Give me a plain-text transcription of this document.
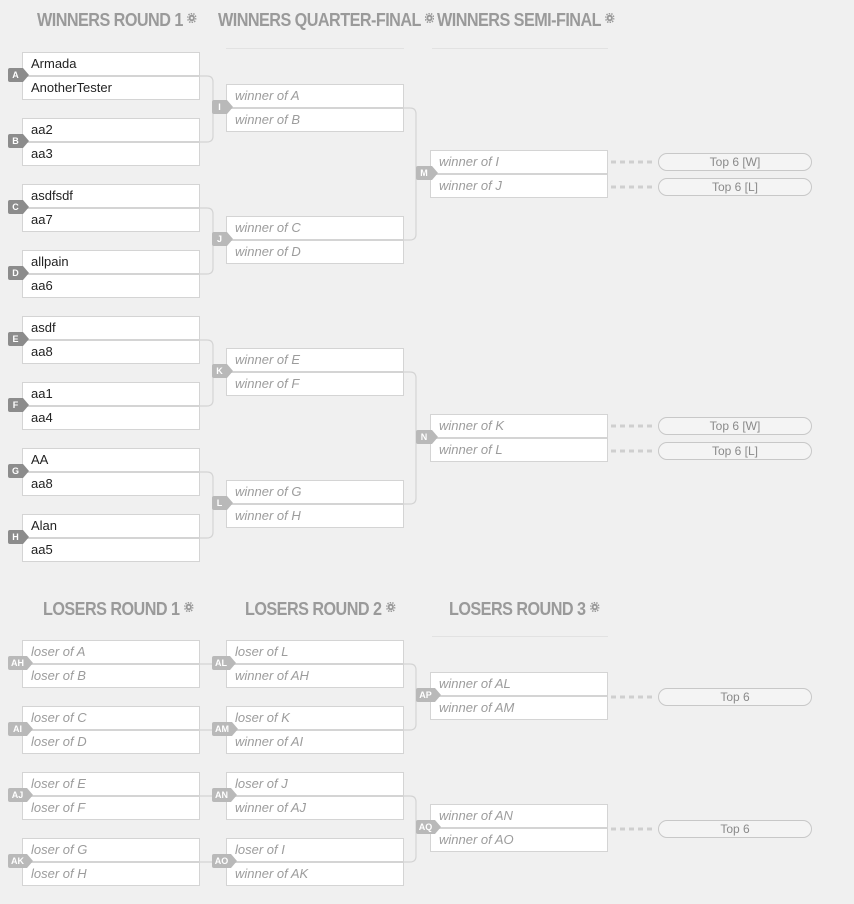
WINNERS ROUND 1	WINNERS QUARTER-FINAL WINNERS SEMI-FINAL
Armada
AnotherTester
A
aa2
aa3
B
asdfsdf
aa7
C
allpain
aa6
D
asdf
aa8
E
aa1
aa4
F
AA
aa8
G
Alan
aa5
H
winner of A
winner of B
I
winner of C
winner of D
J
winner of E
winner of F
K
winner of G
winner of H
L
winner of I
winner of J
M
winner of K
winner of L
N
Top 6 [W]
Top 6 [L]
Top 6 [W]
Top 6 [L]
LOSERS ROUND 1	LOSERS ROUND 2	LOSERS ROUND 3
loser of A
loser of B
AH
loser of C
loser of D
AI
loser of E
loser of F
AJ
loser of G
loser of H
AK
loser of L
winner of AH
AL
loser of K
winner of AI
AM
loser of J
winner of AJ
AN
loser of I
winner of AK
AO
winner of AL
winner of AM
AP
winner of AN
winner of AO
AQ
Top 6
Top 6
